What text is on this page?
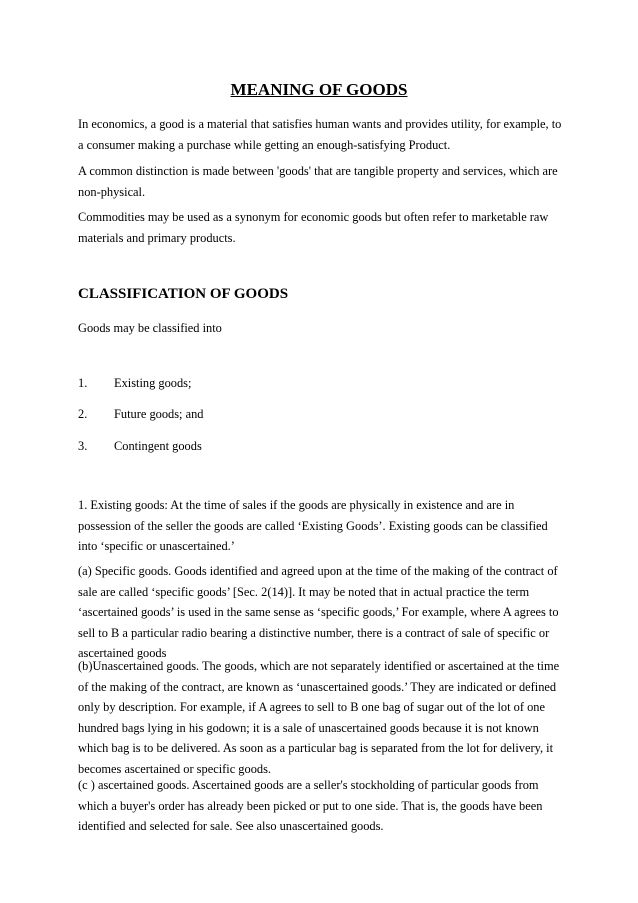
MEANING OF GOODS

In economics, a good is a material that satisfies human wants and provides utility, for example, to a consumer making a purchase while getting an enough-satisfying Product.

A common distinction is made between 'goods' that are tangible property and services, which are non-physical.

Commodities may be used as a synonym for economic goods but often refer to marketable raw materials and primary products.

CLASSIFICATION OF GOODS

Goods may be classified into

1. Existing goods;

2. Future goods; and

3. Contingent goods

1. Existing goods: At the time of sales if the goods are physically in existence and are in possession of the seller the goods are called ‘Existing Goods’. Existing goods can be classified into ‘specific or unascertained.’

(a) Specific goods. Goods identified and agreed upon at the time of the making of the contract of sale are called ‘specific goods’ [Sec. 2(14)]. It may be noted that in actual practice the term ‘ascertained goods’ is used in the same sense as ‘specific goods,’ For example, where A agrees to sell to B a particular radio bearing a distinctive number, there is a contract of sale of specific or ascertained goods

(b)Unascertained goods. The goods, which are not separately identified or ascertained at the time of the making of the contract, are known as ‘unascertained goods.’ They are indicated or defined only by description. For example, if A agrees to sell to B one bag of sugar out of the lot of one hundred bags lying in his godown; it is a sale of unascertained goods because it is not known which bag is to be delivered. As soon as a particular bag is separated from the lot for delivery, it becomes ascertained or specific goods.

(c ) ascertained goods. Ascertained goods are a seller's stockholding of particular goods from which a buyer's order has already been picked or put to one side. That is, the goods have been identified and selected for sale. See also unascertained goods.
